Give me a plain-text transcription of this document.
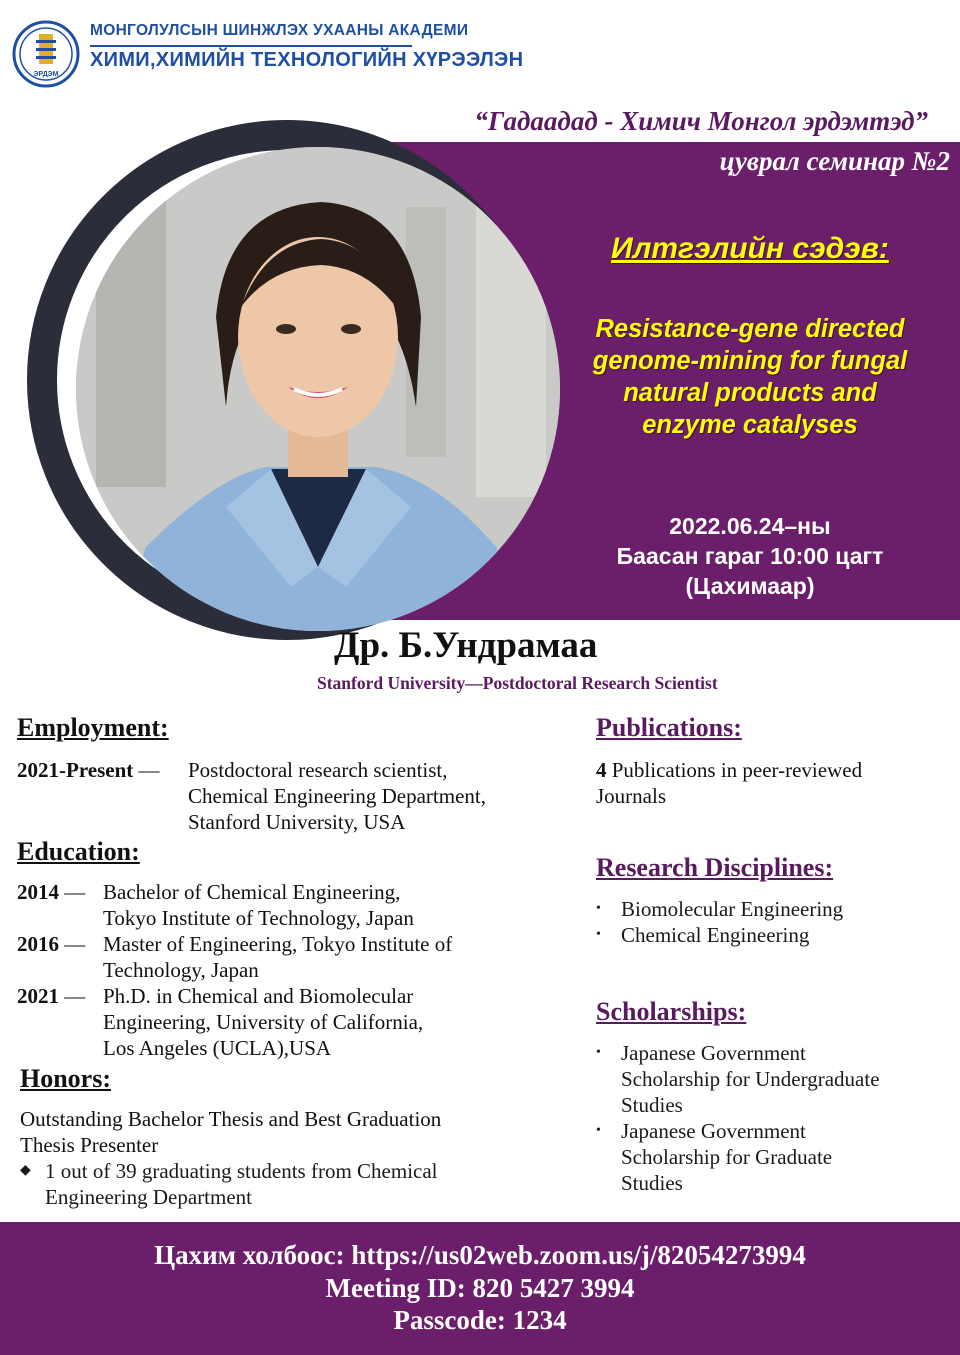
ЭРДЭМ
МОНГОЛУЛСЫН ШИНЖЛЭХ УХААНЫ АКАДЕМИ
ХИМИ,ХИМИЙН ТЕХНОЛОГИЙН ХҮРЭЭЛЭН
“Гадаадад - Химич Монгол эрдэмтэд”
цуврал семинар №2
Илтгэлийн сэдэв:
Resistance-gene directed
genome-mining for fungal
natural products and
enzyme catalyses
2022.06.24–ны
Баасан гараг 10:00 цагт
(Цахимаар)
Др. Б.Ундрамаа
Stanford University—Postdoctoral Research Scientist
Employment:
2021-Present — Postdoctoral research scientist,
Chemical Engineering Department,
Stanford University, USA
Education:
2014 — Bachelor of Chemical Engineering,
Tokyo Institute of Technology, Japan
2016 — Master of Engineering, Tokyo Institute of
Technology, Japan
2021 — Ph.D. in Chemical and Biomolecular
Engineering, University of California,
Los Angeles (UCLA),USA
Honors:
Outstanding Bachelor Thesis and Best Graduation
Thesis Presenter
◆ 1 out of 39 graduating students from Chemical
Engineering Department
Publications:
4 Publications in peer-reviewed
Journals
Research Disciplines:
• Biomolecular Engineering
• Chemical Engineering
Scholarships:
• Japanese Government
Scholarship for Undergraduate
Studies
• Japanese Government
Scholarship for Graduate
Studies
Цахим холбоос: https://us02web.zoom.us/j/82054273994
Meeting ID: 820 5427 3994
Passcode: 1234
